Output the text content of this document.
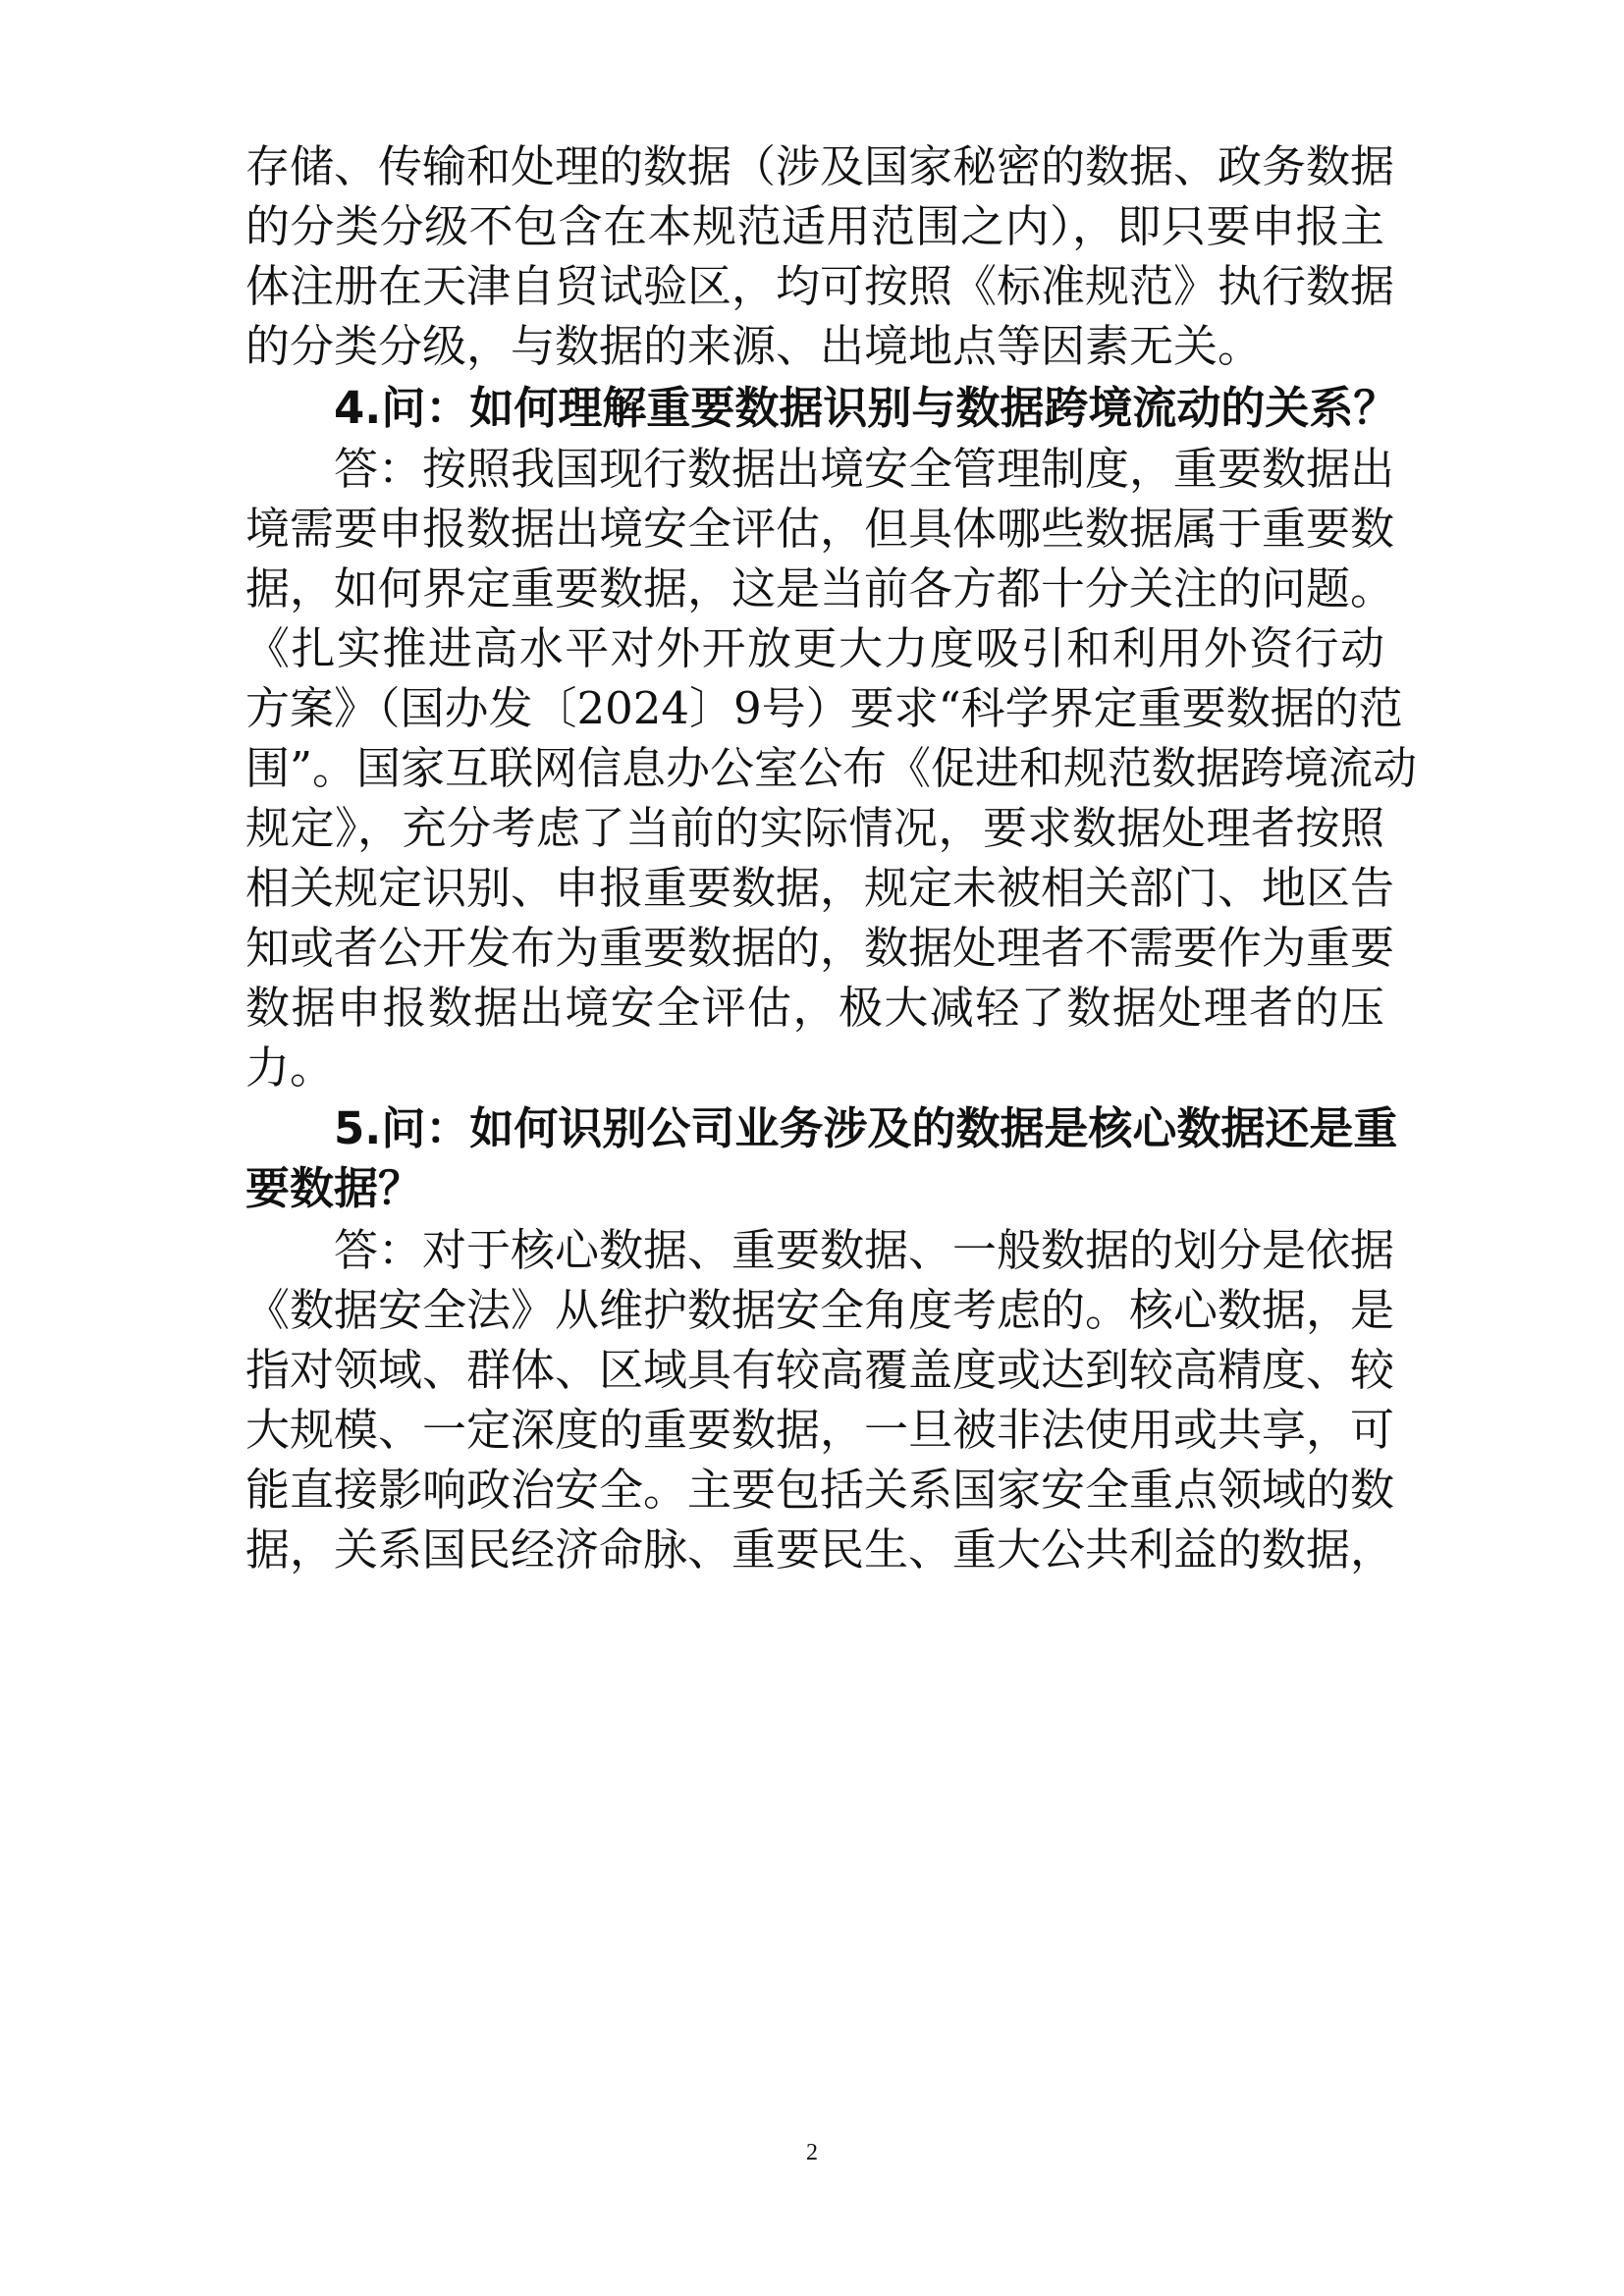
存储、传输和处理的数据（涉及国家秘密的数据、政务数据
的分类分级不包含在本规范适用范围之内），即只要申报主
体注册在天津自贸试验区，均可按照《标准规范》执行数据
的分类分级，与数据的来源、出境地点等因素无关。
4.问：如何理解重要数据识别与数据跨境流动的关系？
答：按照我国现行数据出境安全管理制度，重要数据出
境需要申报数据出境安全评估，但具体哪些数据属于重要数
据，如何界定重要数据，这是当前各方都十分关注的问题。
《扎实推进高水平对外开放更大力度吸引和利用外资行动
方案》（国办发〔2024〕9号）要求“科学界定重要数据的范
围”。国家互联网信息办公室公布《促进和规范数据跨境流动
规定》，充分考虑了当前的实际情况，要求数据处理者按照
相关规定识别、申报重要数据，规定未被相关部门、地区告
知或者公开发布为重要数据的，数据处理者不需要作为重要
数据申报数据出境安全评估，极大减轻了数据处理者的压
力。
5.问：如何识别公司业务涉及的数据是核心数据还是重
要数据？
答：对于核心数据、重要数据、一般数据的划分是依据
《数据安全法》从维护数据安全角度考虑的。核心数据，是
指对领域、群体、区域具有较高覆盖度或达到较高精度、较
大规模、一定深度的重要数据，一旦被非法使用或共享，可
能直接影响政治安全。主要包括关系国家安全重点领域的数
据，关系国民经济命脉、重要民生、重大公共利益的数据，
2
